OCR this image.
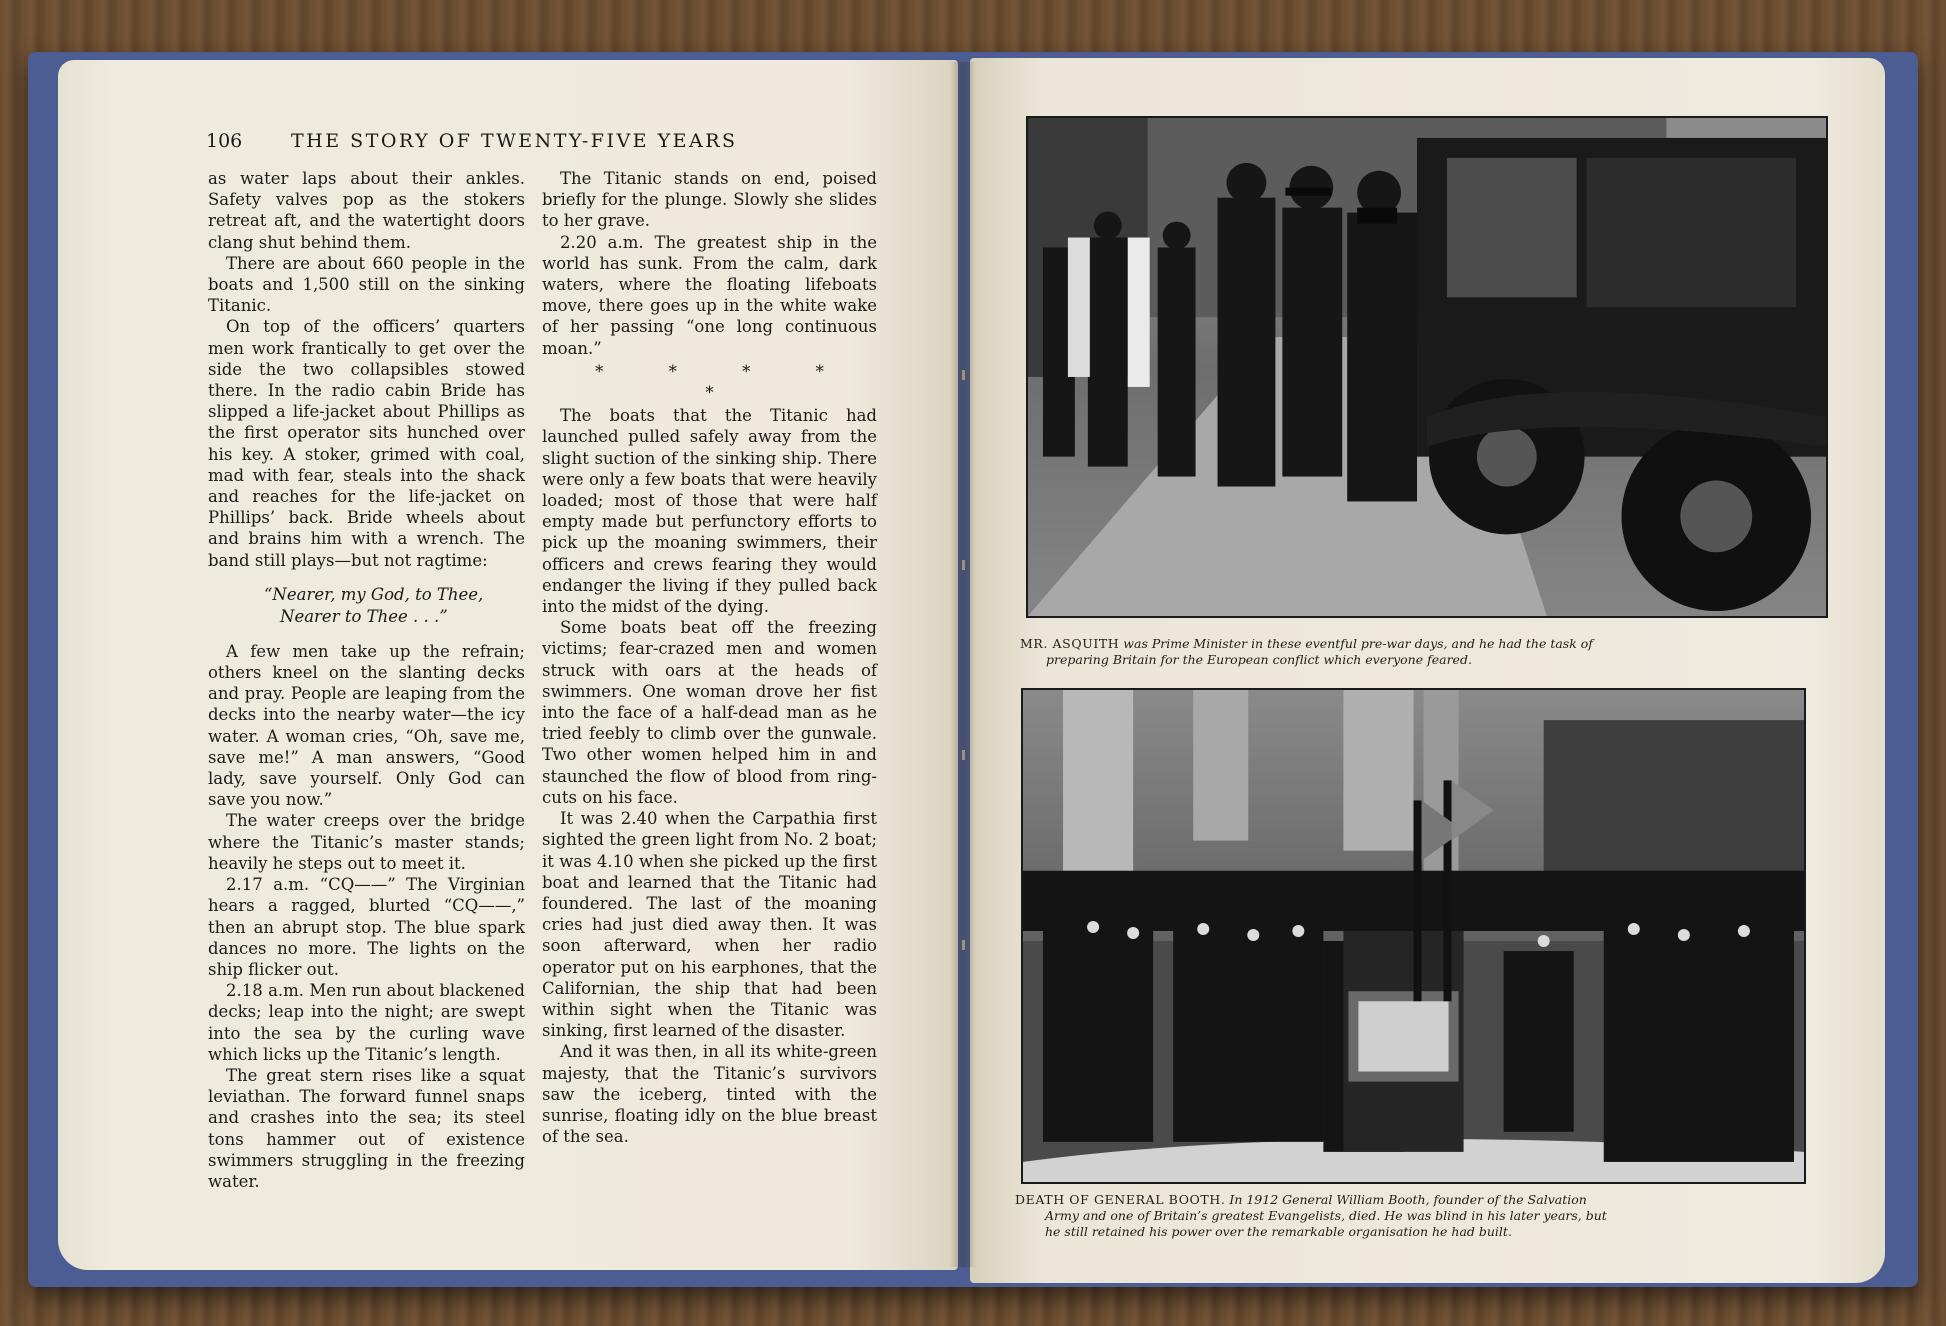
106	THE STORY OF TWENTY-FIVE YEARS

as water laps about their ankles. Safety valves pop as the stokers retreat aft, and the watertight doors clang shut behind them.

There are about 660 people in the boats and 1,500 still on the sinking Titanic.

On top of the officers’ quarters men work frantically to get over the side the two collapsibles stowed there. In the radio cabin Bride has slipped a life-jacket about Phillips as the first operator sits hunched over his key. A stoker, grimed with coal, mad with fear, steals into the shack and reaches for the life-jacket on Phillips’ back. Bride wheels about and brains him with a wrench. The band still plays—but not ragtime:

“Nearer, my God, to Thee,
Nearer to Thee . . .”

A few men take up the refrain; others kneel on the slanting decks and pray. People are leaping from the decks into the nearby water—the icy water. A woman cries, “Oh, save me, save me!” A man answers, “Good lady, save yourself. Only God can save you now.”

The water creeps over the bridge where the Titanic’s master stands; heavily he steps out to meet it.

2.17 a.m. “CQ——” The Virginian hears a ragged, blurted “CQ——,” then an abrupt stop. The blue spark dances no more. The lights on the ship flicker out.

2.18 a.m. Men run about blackened decks; leap into the night; are swept into the sea by the curling wave which licks up the Titanic’s length.

The great stern rises like a squat leviathan. The forward funnel snaps and crashes into the sea; its steel tons hammer out of existence swimmers struggling in the freezing water.

The Titanic stands on end, poised briefly for the plunge. Slowly she slides to her grave.

2.20 a.m. The greatest ship in the world has sunk. From the calm, dark waters, where the floating lifeboats move, there goes up in the white wake of her passing “one long continuous moan.”

* * * * *

The boats that the Titanic had launched pulled safely away from the slight suction of the sinking ship. There were only a few boats that were heavily loaded; most of those that were half empty made but perfunctory efforts to pick up the moaning swimmers, their officers and crews fearing they would endanger the living if they pulled back into the midst of the dying.

Some boats beat off the freezing victims; fear-crazed men and women struck with oars at the heads of swimmers. One woman drove her fist into the face of a half-dead man as he tried feebly to climb over the gunwale. Two other women helped him in and staunched the flow of blood from ring-cuts on his face.

It was 2.40 when the Carpathia first sighted the green light from No. 2 boat; it was 4.10 when she picked up the first boat and learned that the Titanic had foundered. The last of the moaning cries had just died away then. It was soon afterward, when her radio operator put on his earphones, that the Californian, the ship that had been within sight when the Titanic was sinking, first learned of the disaster.

And it was then, in all its white-green majesty, that the Titanic’s survivors saw the iceberg, tinted with the sunrise, floating idly on the blue breast of the sea.

MR. ASQUITH was Prime Minister in these eventful pre-war days, and he had the task of
preparing Britain for the European conflict which everyone feared.
DEATH OF GENERAL BOOTH. In 1912 General William Booth, founder of the Salvation
Army and one of Britain’s greatest Evangelists, died. He was blind in his later years, but
he still retained his power over the remarkable organisation he had built.
